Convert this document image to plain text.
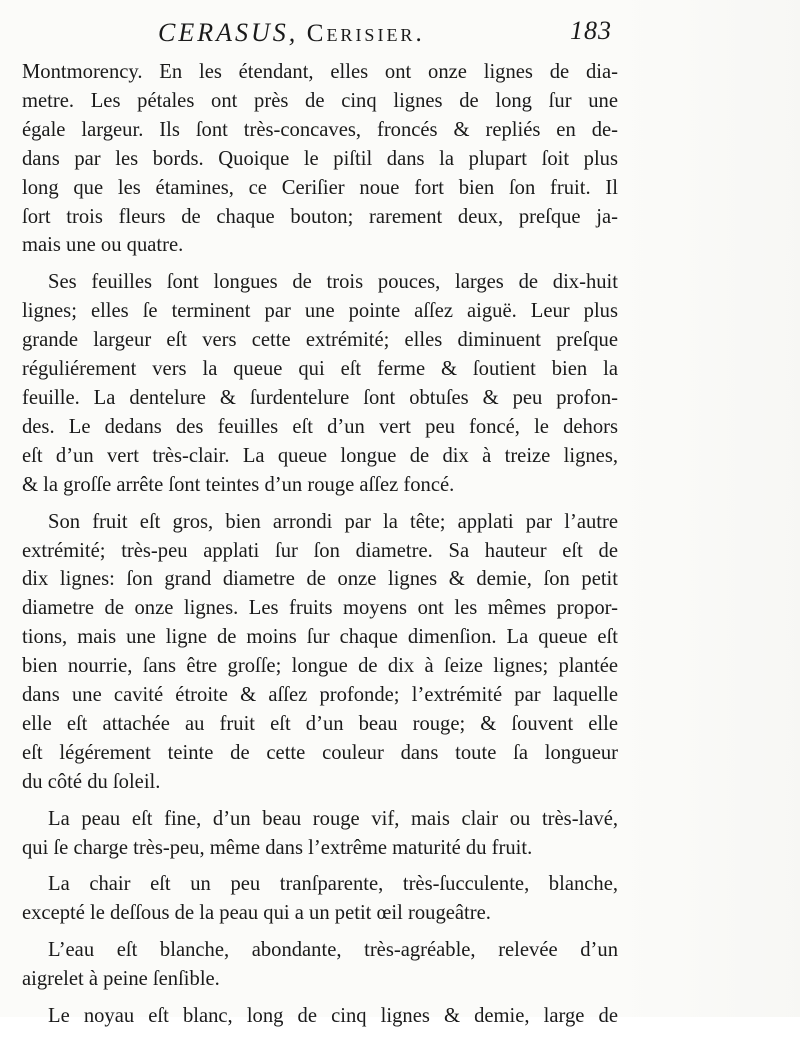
CERASUS, Cerisier.	183
Montmorency. En les étendant, elles ont onze lignes de dia-
metre. Les pétales ont près de cinq lignes de long ſur une
égale largeur. Ils ſont très-concaves, froncés & repliés en de-
dans par les bords. Quoique le piſtil dans la plupart ſoit plus
long que les étamines, ce Ceriſier noue fort bien ſon fruit. Il
ſort trois fleurs de chaque bouton; rarement deux, preſque ja-
mais une ou quatre.
Ses feuilles ſont longues de trois pouces, larges de dix-huit
lignes; elles ſe terminent par une pointe aſſez aiguë. Leur plus
grande largeur eſt vers cette extrémité; elles diminuent preſque
réguliérement vers la queue qui eſt ferme & ſoutient bien la
feuille. La dentelure & ſurdentelure ſont obtuſes & peu profon-
des. Le dedans des feuilles eſt d’un vert peu foncé, le dehors
eſt d’un vert très-clair. La queue longue de dix à treize lignes,
& la groſſe arrête ſont teintes d’un rouge aſſez foncé.
Son fruit eſt gros, bien arrondi par la tête; applati par l’autre
extrémité; très-peu applati ſur ſon diametre. Sa hauteur eſt de
dix lignes: ſon grand diametre de onze lignes & demie, ſon petit
diametre de onze lignes. Les fruits moyens ont les mêmes propor-
tions, mais une ligne de moins ſur chaque dimenſion. La queue eſt
bien nourrie, ſans être groſſe; longue de dix à ſeize lignes; plantée
dans une cavité étroite & aſſez profonde; l’extrémité par laquelle
elle eſt attachée au fruit eſt d’un beau rouge; & ſouvent elle
eſt légérement teinte de cette couleur dans toute ſa longueur
du côté du ſoleil.
La peau eſt fine, d’un beau rouge vif, mais clair ou très-lavé,
qui ſe charge très-peu, même dans l’extrême maturité du fruit.
La chair eſt un peu tranſparente, très-ſucculente, blanche,
excepté le deſſous de la peau qui a un petit œil rougeâtre.
L’eau eſt blanche, abondante, très-agréable, relevée d’un
aigrelet à peine ſenſible.
Le noyau eſt blanc, long de cinq lignes & demie, large de
